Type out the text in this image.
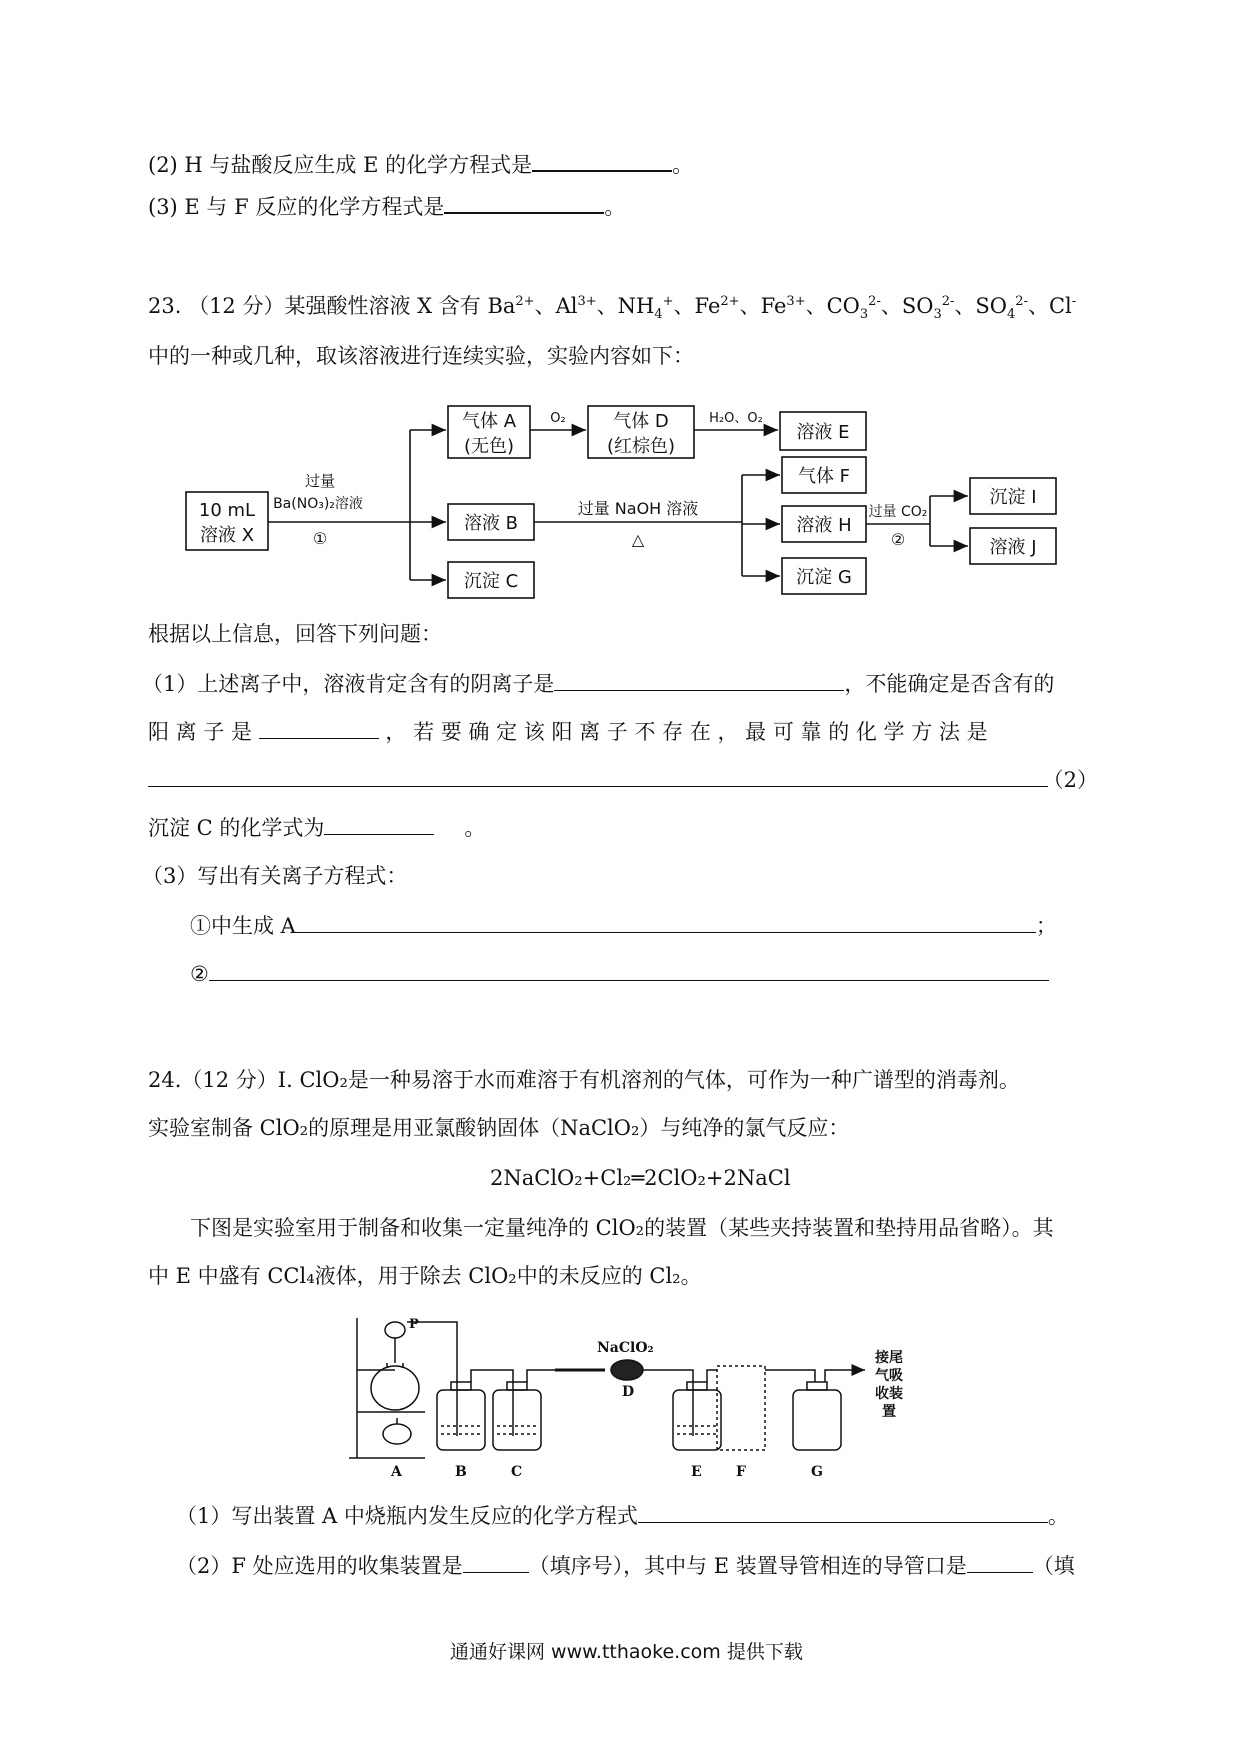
(2) H 与盐酸反应生成 E 的化学方程式是	。
(3) E 与 F 反应的化学方程式是	。
23. （12 分）某强酸性溶液 X 含有 $Ba^{2+}$、$Al^{3+}$、$NH_4^+$、$Fe^{2+}$、$Fe^{3+}$、$CO_3^{2-}$、$SO_3^{2-}$、$SO_4^{2-}$、Cl-
中的一种或几种，取该溶液进行连续实验，实验内容如下：
10 mL
溶液 X
过量
Ba(NO₃)₂溶液
①
气体 A
(无色)
O₂	气体 D
(红棕色)
H₂O、O₂
溶液 E
溶液 B
沉淀 C
过量 NaOH 溶液
△
气体 F
溶液 H
沉淀 G
过量 CO₂
②
沉淀 I
溶液 J
根据以上信息，回答下列问题：
（1）上述离子中，溶液肯定含有的阴离子是	，不能确定是否含有的
阳 离 子 是	， 若 要 确 定 该 阳 离 子 不 存 在 ， 最 可 靠 的 化 学 方 法 是
（2）
沉淀 C 的化学式为	。
（3）写出有关离子方程式：
①中生成 A	；
②
24.（12 分）I. ClO₂是一种易溶于水而难溶于有机溶剂的气体，可作为一种广谱型的消毒剂。
实验室制备 ClO₂的原理是用亚氯酸钠固体（NaClO₂）与纯净的氯气反应：
2NaClO₂+Cl₂═2ClO₂+2NaCl
下图是实验室用于制备和收集一定量纯净的 ClO₂的装置（某些夹持装置和垫持用品省略）。其
中 E 中盛有 CCl₄液体，用于除去 ClO₂中的未反应的 Cl₂。
P
NaClO₂
D
接尾
气吸
收装
置
A	B	C	E F	G
（1）写出装置 A 中烧瓶内发生反应的化学方程式	。
（2）F 处应选用的收集装置是	（填序号），其中与 E 装置导管相连的导管口是	（填
通通好课网 www.tthaoke.com 提供下载
